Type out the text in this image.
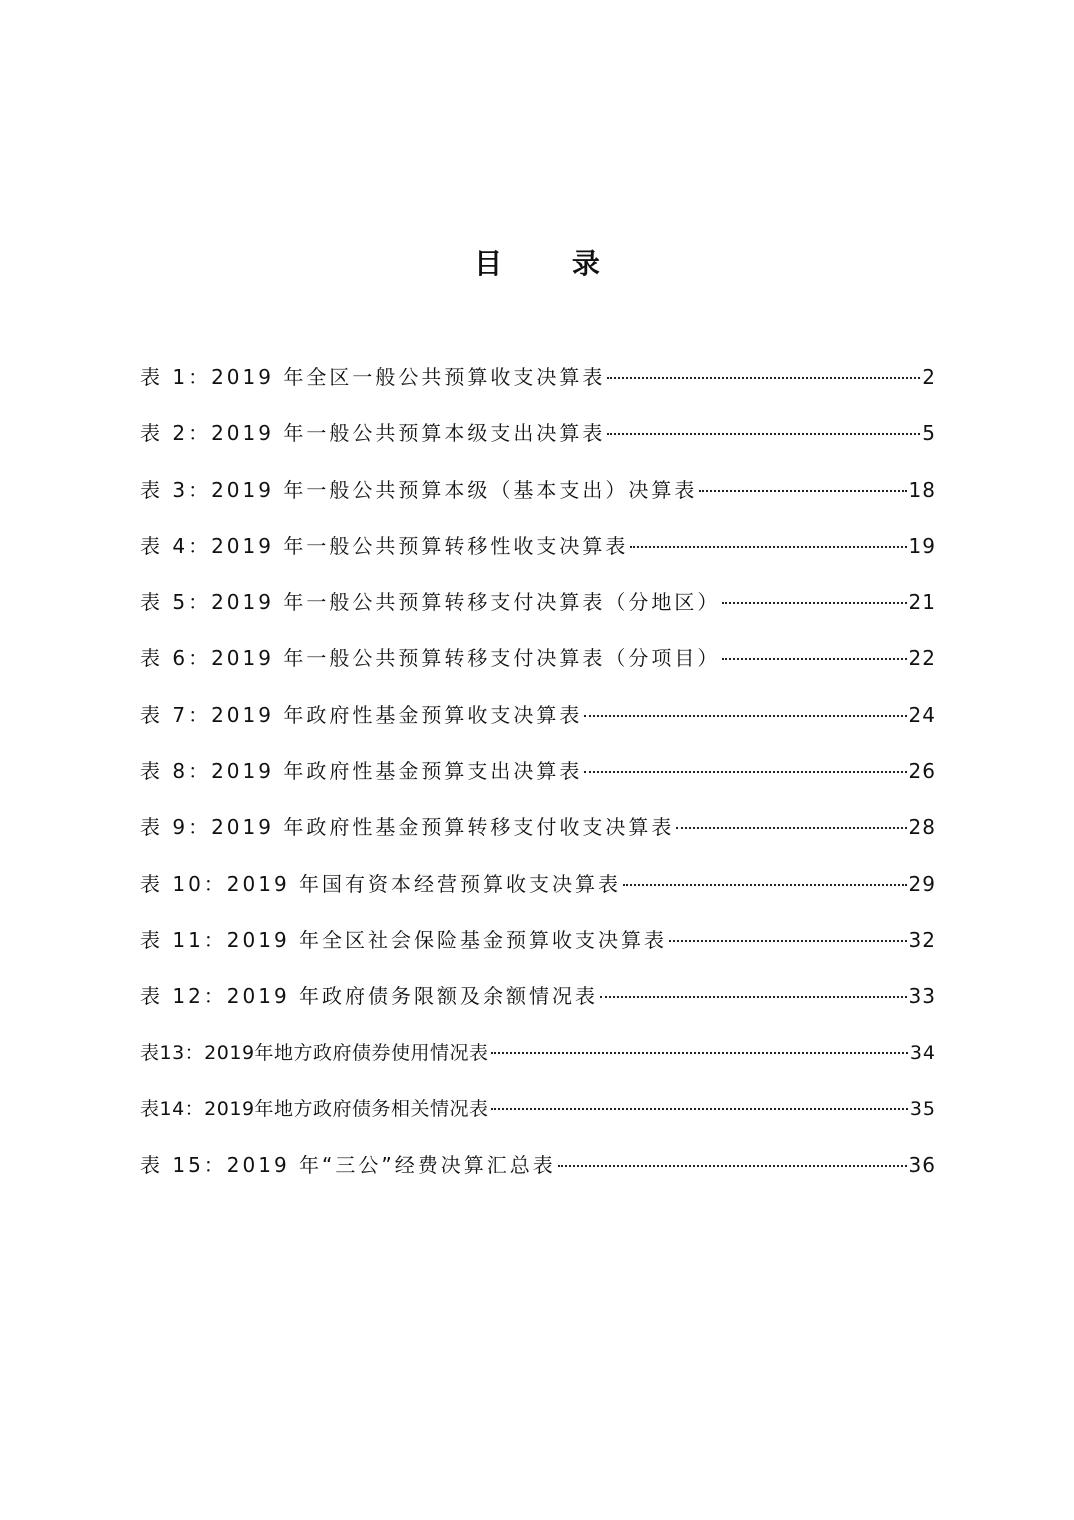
目 录
表 1：2019 年全区一般公共预算收支决算表	2
表 2：2019 年一般公共预算本级支出决算表	5
表 3：2019 年一般公共预算本级（基本支出）决算表	18
表 4：2019 年一般公共预算转移性收支决算表	19
表 5：2019 年一般公共预算转移支付决算表（分地区）	21
表 6：2019 年一般公共预算转移支付决算表（分项目）	22
表 7：2019 年政府性基金预算收支决算表	24
表 8：2019 年政府性基金预算支出决算表	26
表 9：2019 年政府性基金预算转移支付收支决算表	28
表 10：2019 年国有资本经营预算收支决算表	29
表 11：2019 年全区社会保险基金预算收支决算表	32
表 12：2019 年政府债务限额及余额情况表	33
表13：2019年地方政府债券使用情况表	34
表14：2019年地方政府债务相关情况表	35
表 15：2019 年“三公”经费决算汇总表	36
